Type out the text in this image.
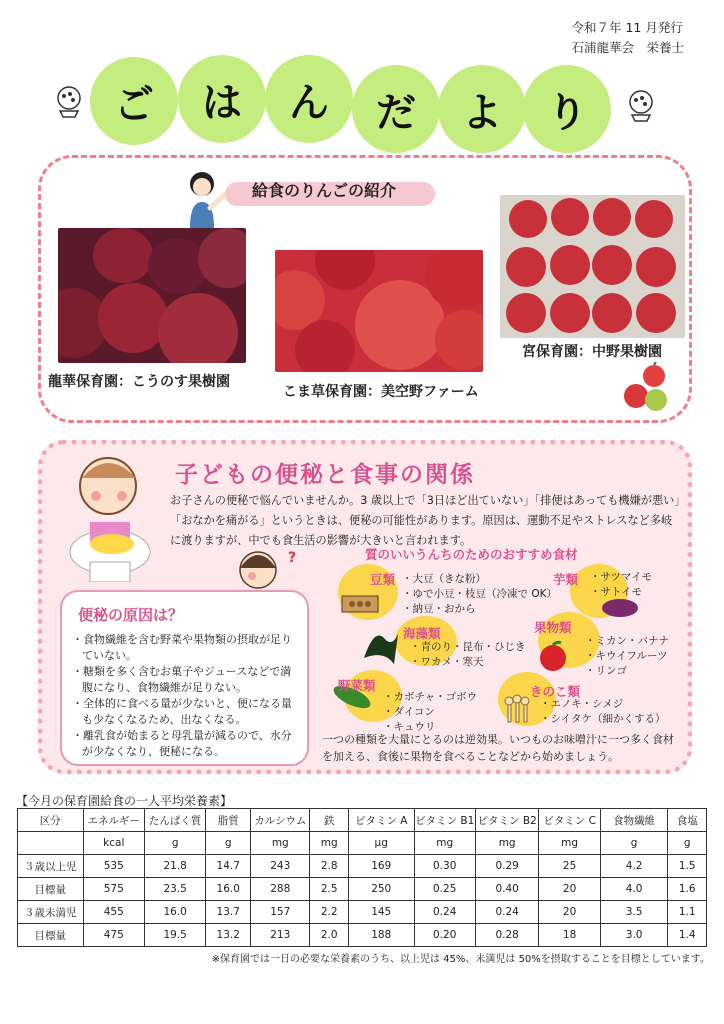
令和７年 11 月発行
石浦龍華会　栄養士
ご	は	ん	だ	よ	り
給食のりんごの紹介
龍華保育園：こうのす果樹園
こま草保育園：美空野ファーム
宮保育園：中野果樹園
子どもの便秘と食事の関係
お子さんの便秘で悩んでいませんか。3 歳以上で「3日ほど出ていない」「排便はあっても機嫌が悪い」「おなかを痛がる」というときは、便秘の可能性があります。原因は、運動不足やストレスなど多岐に渡りますが、中でも食生活の影響が大きいと言われます。
?
便秘の原因は？
・食物繊維を含む野菜や果物類の摂取が足りていない。
・糖類を多く含むお菓子やジュースなどで満腹になり、食物繊維が足りない。
・全体的に食べる量が少ないと、便になる量も少なくなるため、出なくなる。
・離乳食が始まると母乳量が減るので、水分が少なくなり、便秘になる。
質のいいうんちのためのおすすめ食材
豆類 ・大豆（きな粉）
・ゆで小豆・枝豆（冷凍で OK）
・納豆・おから
芋類 ・サツマイモ
・サトイモ
海藻類
・青のり・昆布・ひじき
・ワカメ・寒天
果物類
・ミカン・バナナ
・キウイフルーツ
・リンゴ
野菜類
・カボチャ・ゴボウ
・ダイコン
・キュウリ
きのこ類
・エノキ・シメジ
・シイタケ（細かくする）
一つの種類を大量にとるのは逆効果。いつものお味噌汁に一つ多く食材を加える、食後に果物を食べることなどから始めましょう。
【今月の保育園給食の一人平均栄養素】
区分	エネルギー	たんぱく質	脂質	カルシウム	鉄	ビタミン A	ビタミン B1	ビタミン B2	ビタミン C	食物繊維	食塩
	kcal	g	g	mg	mg	μg	mg	mg	mg	g	g
３歳以上児	535	21.8	14.7	243	2.8	169	0.30	0.29	25	4.2	1.5
目標量	575	23.5	16.0	288	2.5	250	0.25	0.40	20	4.0	1.6
３歳未満児	455	16.0	13.7	157	2.2	145	0.24	0.24	20	3.5	1.1
目標量	475	19.5	13.2	213	2.0	188	0.20	0.28	18	3.0	1.4
※保育園では一日の必要な栄養素のうち、以上児は 45%、未満児は 50%を摂取することを目標としています。
